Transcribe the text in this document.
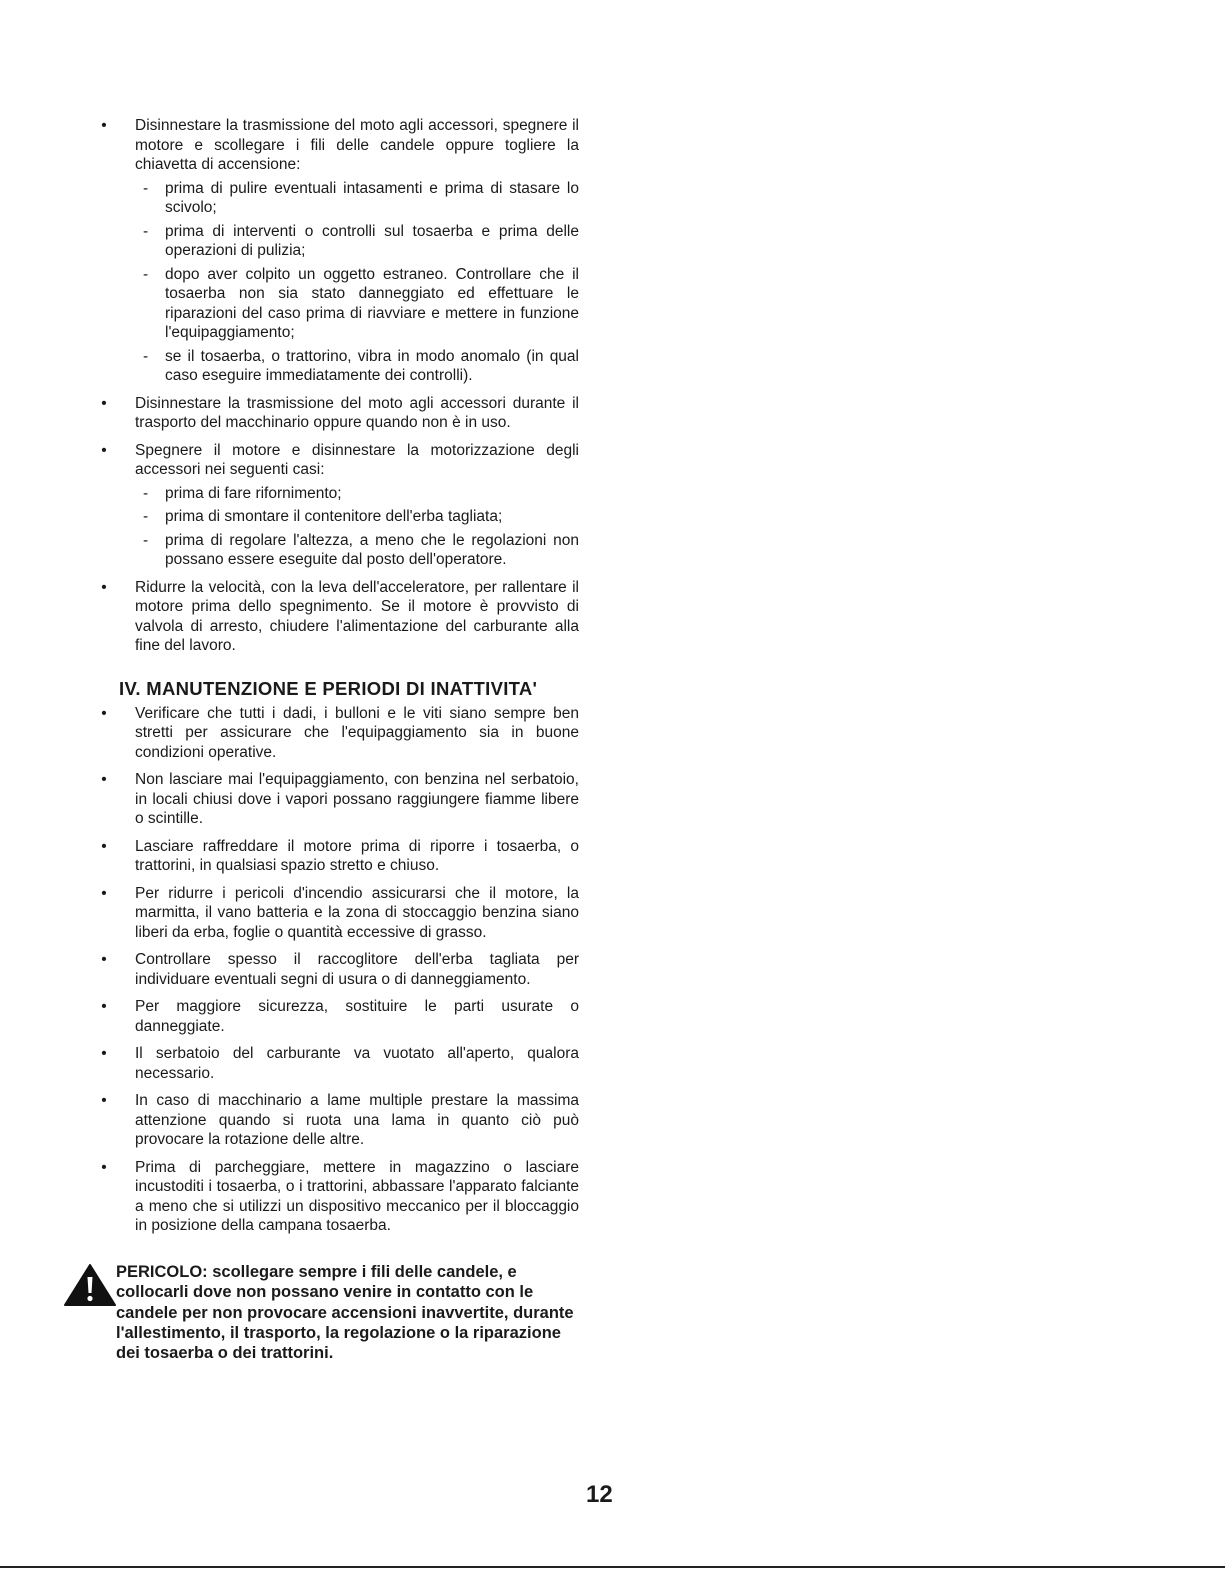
• Disinnestare la trasmissione del moto agli accessori, spegnere il motore e scollegare i fili delle candele oppure togliere la chiavetta di accensione:
- prima di pulire eventuali intasamenti e prima di stasare lo scivolo;
- prima di interventi o controlli sul tosaerba e prima delle operazioni di pulizia;
- dopo aver colpito un oggetto estraneo. Controllare che il tosaerba non sia stato danneggiato ed effettuare le riparazioni del caso prima di riavviare e mettere in funzione l'equipaggiamento;
- se il tosaerba, o trattorino, vibra in modo anomalo (in qual caso eseguire immediatamente dei controlli).
• Disinnestare la trasmissione del moto agli accessori durante il trasporto del macchinario oppure quando non è in uso.
• Spegnere il motore e disinnestare la motorizzazione degli accessori nei seguenti casi:
- prima di fare rifornimento;
- prima di smontare il contenitore dell'erba tagliata;
- prima di regolare l'altezza, a meno che le regolazioni non possano essere eseguite dal posto dell'operatore.
• Ridurre la velocità, con la leva dell'acceleratore, per rallentare il motore prima dello spegnimento. Se il motore è provvisto di valvola di arresto, chiudere l'alimentazione del carburante alla fine del lavoro.
IV. MANUTENZIONE E PERIODI DI INATTIVITA'
• Verificare che tutti i dadi, i bulloni e le viti siano sempre ben stretti per assicurare che l'equipaggiamento sia in buone condizioni operative.
• Non lasciare mai l'equipaggiamento, con benzina nel serbatoio, in locali chiusi dove i vapori possano raggiungere fiamme libere o scintille.
• Lasciare raffreddare il motore prima di riporre i tosaerba, o trattorini, in qualsiasi spazio stretto e chiuso.
• Per ridurre i pericoli d'incendio assicurarsi che il motore, la marmitta, il vano batteria e la zona di stoccaggio benzina siano liberi da erba, foglie o quantità eccessive di grasso.
• Controllare spesso il raccoglitore dell'erba tagliata per individuare eventuali segni di usura o di danneggiamento.
• Per maggiore sicurezza, sostituire le parti usurate o danneggiate.
• Il serbatoio del carburante va vuotato all'aperto, qualora necessario.
• In caso di macchinario a lame multiple prestare la massima attenzione quando si ruota una lama in quanto ciò può provocare la rotazione delle altre.
• Prima di parcheggiare, mettere in magazzino o lasciare incustoditi i tosaerba, o i trattorini, abbassare l'apparato falciante a meno che si utilizzi un dispositivo meccanico per il bloccaggio in posizione della campana tosaerba.
PERICOLO: scollegare sempre i fili delle candele, e collocarli dove non possano venire in contatto con le candele per non provocare accensioni inavvertite, durante l'allestimento, il trasporto, la regolazione o la riparazione dei tosaerba o dei trattorini.
12
